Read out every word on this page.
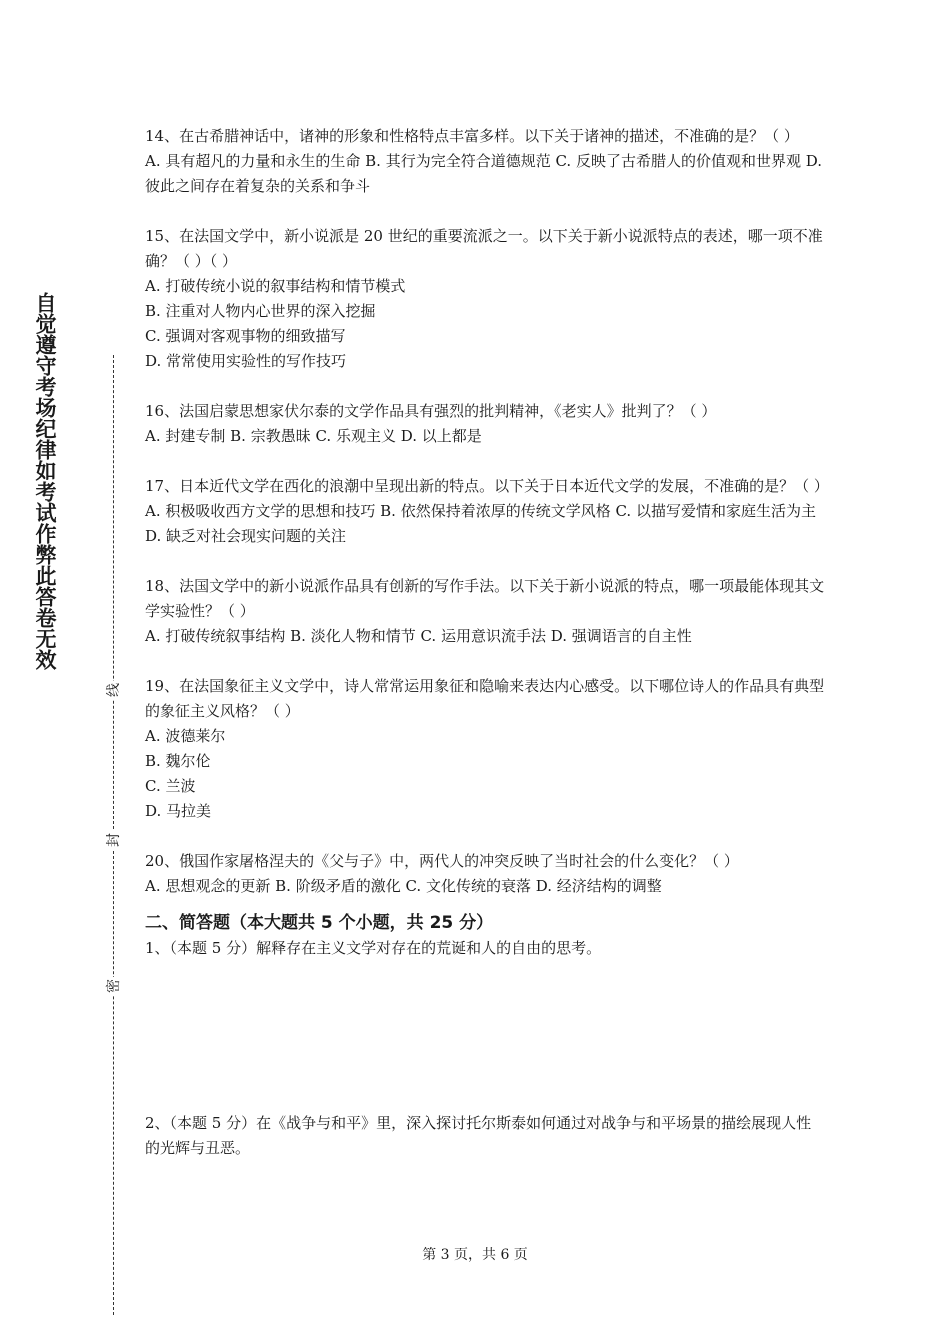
自觉遵守考场纪律如考试作弊此答卷无效
线
封
密

14、在古希腊神话中，诸神的形象和性格特点丰富多样。以下关于诸神的描述，不准确的是？（ ）

A. 具有超凡的力量和永生的生命 B. 其行为完全符合道德规范 C. 反映了古希腊人的价值观和世界观 D. 彼此之间存在着复杂的关系和争斗

15、在法国文学中，新小说派是 20 世纪的重要流派之一。以下关于新小说派特点的表述，哪一项不准确？（ ）（ ）

A. 打破传统小说的叙事结构和情节模式

B. 注重对人物内心世界的深入挖掘

C. 强调对客观事物的细致描写

D. 常常使用实验性的写作技巧

16、法国启蒙思想家伏尔泰的文学作品具有强烈的批判精神，《老实人》批判了？（ ）

A. 封建专制 B. 宗教愚昧 C. 乐观主义 D. 以上都是

17、日本近代文学在西化的浪潮中呈现出新的特点。以下关于日本近代文学的发展，不准确的是？（ ）

A. 积极吸收西方文学的思想和技巧 B. 依然保持着浓厚的传统文学风格 C. 以描写爱情和家庭生活为主 D. 缺乏对社会现实问题的关注

18、法国文学中的新小说派作品具有创新的写作手法。以下关于新小说派的特点，哪一项最能体现其文学实验性？（ ）

A. 打破传统叙事结构 B. 淡化人物和情节 C. 运用意识流手法 D. 强调语言的自主性

19、在法国象征主义文学中，诗人常常运用象征和隐喻来表达内心感受。以下哪位诗人的作品具有典型的象征主义风格？（ ）

A. 波德莱尔

B. 魏尔伦

C. 兰波

D. 马拉美

20、俄国作家屠格涅夫的《父与子》中，两代人的冲突反映了当时社会的什么变化？（ ）

A. 思想观念的更新 B. 阶级矛盾的激化 C. 文化传统的衰落 D. 经济结构的调整

二、简答题（本大题共 5 个小题，共 25 分）

1、（本题 5 分）解释存在主义文学对存在的荒诞和人的自由的思考。

2、（本题 5 分）在《战争与和平》里，深入探讨托尔斯泰如何通过对战争与和平场景的描绘展现人性的光辉与丑恶。

第 3 页，共 6 页
